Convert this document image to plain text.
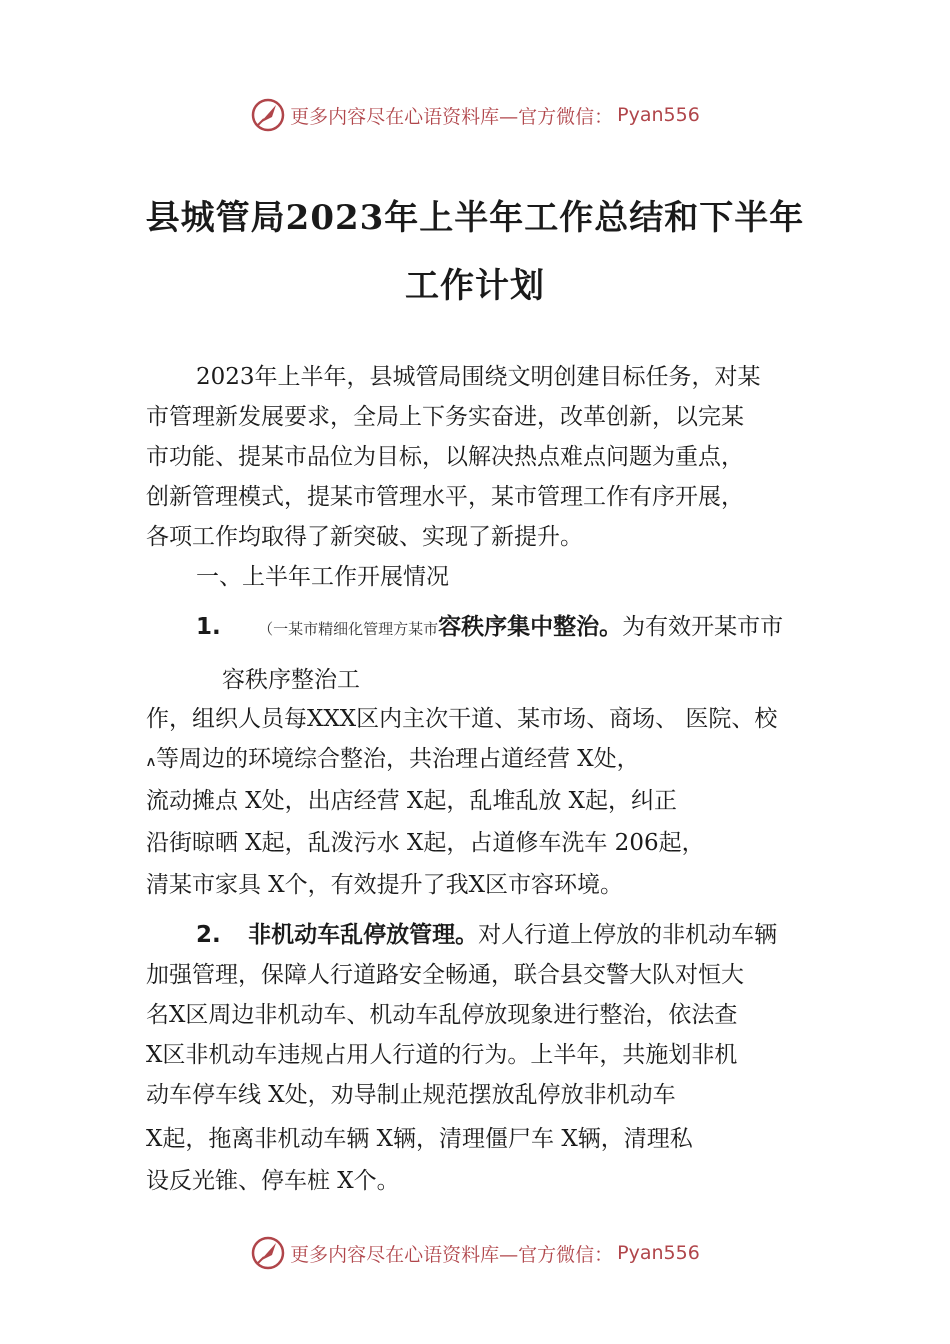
更多内容尽在心语资料库—官方微信： Pyan556
县城管局2023年上半年工作总结和下半年
工作计划
2023年上半年，县城管局围绕文明创建目标任务，对某
市管理新发展要求，全局上下务实奋进，改革创新，以完某
市功能、提某市品位为目标，以解决热点难点问题为重点，
创新管理模式，提某市管理水平，某市管理工作有序开展，
各项工作均取得了新突破、实现了新提升。
一、上半年工作开展情况
1. （一某市精细化管理方某市容秩序集中整治。为有效开某市市
容秩序整治工
作，组织人员每XXX区内主次干道、某市场、商场、 医院、校
៱等周边的环境综合整治，共治理占道经营 X处，
流动摊点 X处，出店经营 X起，乱堆乱放 X起，纠正
沿街晾晒 X起，乱泼污水 X起，占道修车洗车 206起，
清某市家具 X个，有效提升了我X区市容环境。
2. 非机动车乱停放管理。对人行道上停放的非机动车辆
加强管理，保障人行道路安全畅通，联合县交警大队对恒大
名X区周边非机动车、机动车乱停放现象进行整治，依法查
X区非机动车违规占用人行道的行为。上半年，共施划非机
动车停车线 X处，劝导制止规范摆放乱停放非机动车
X起，拖离非机动车辆 X辆，清理僵尸车 X辆，清理私
设反光锥、停车桩 X个。
更多内容尽在心语资料库—官方微信： Pyan556
